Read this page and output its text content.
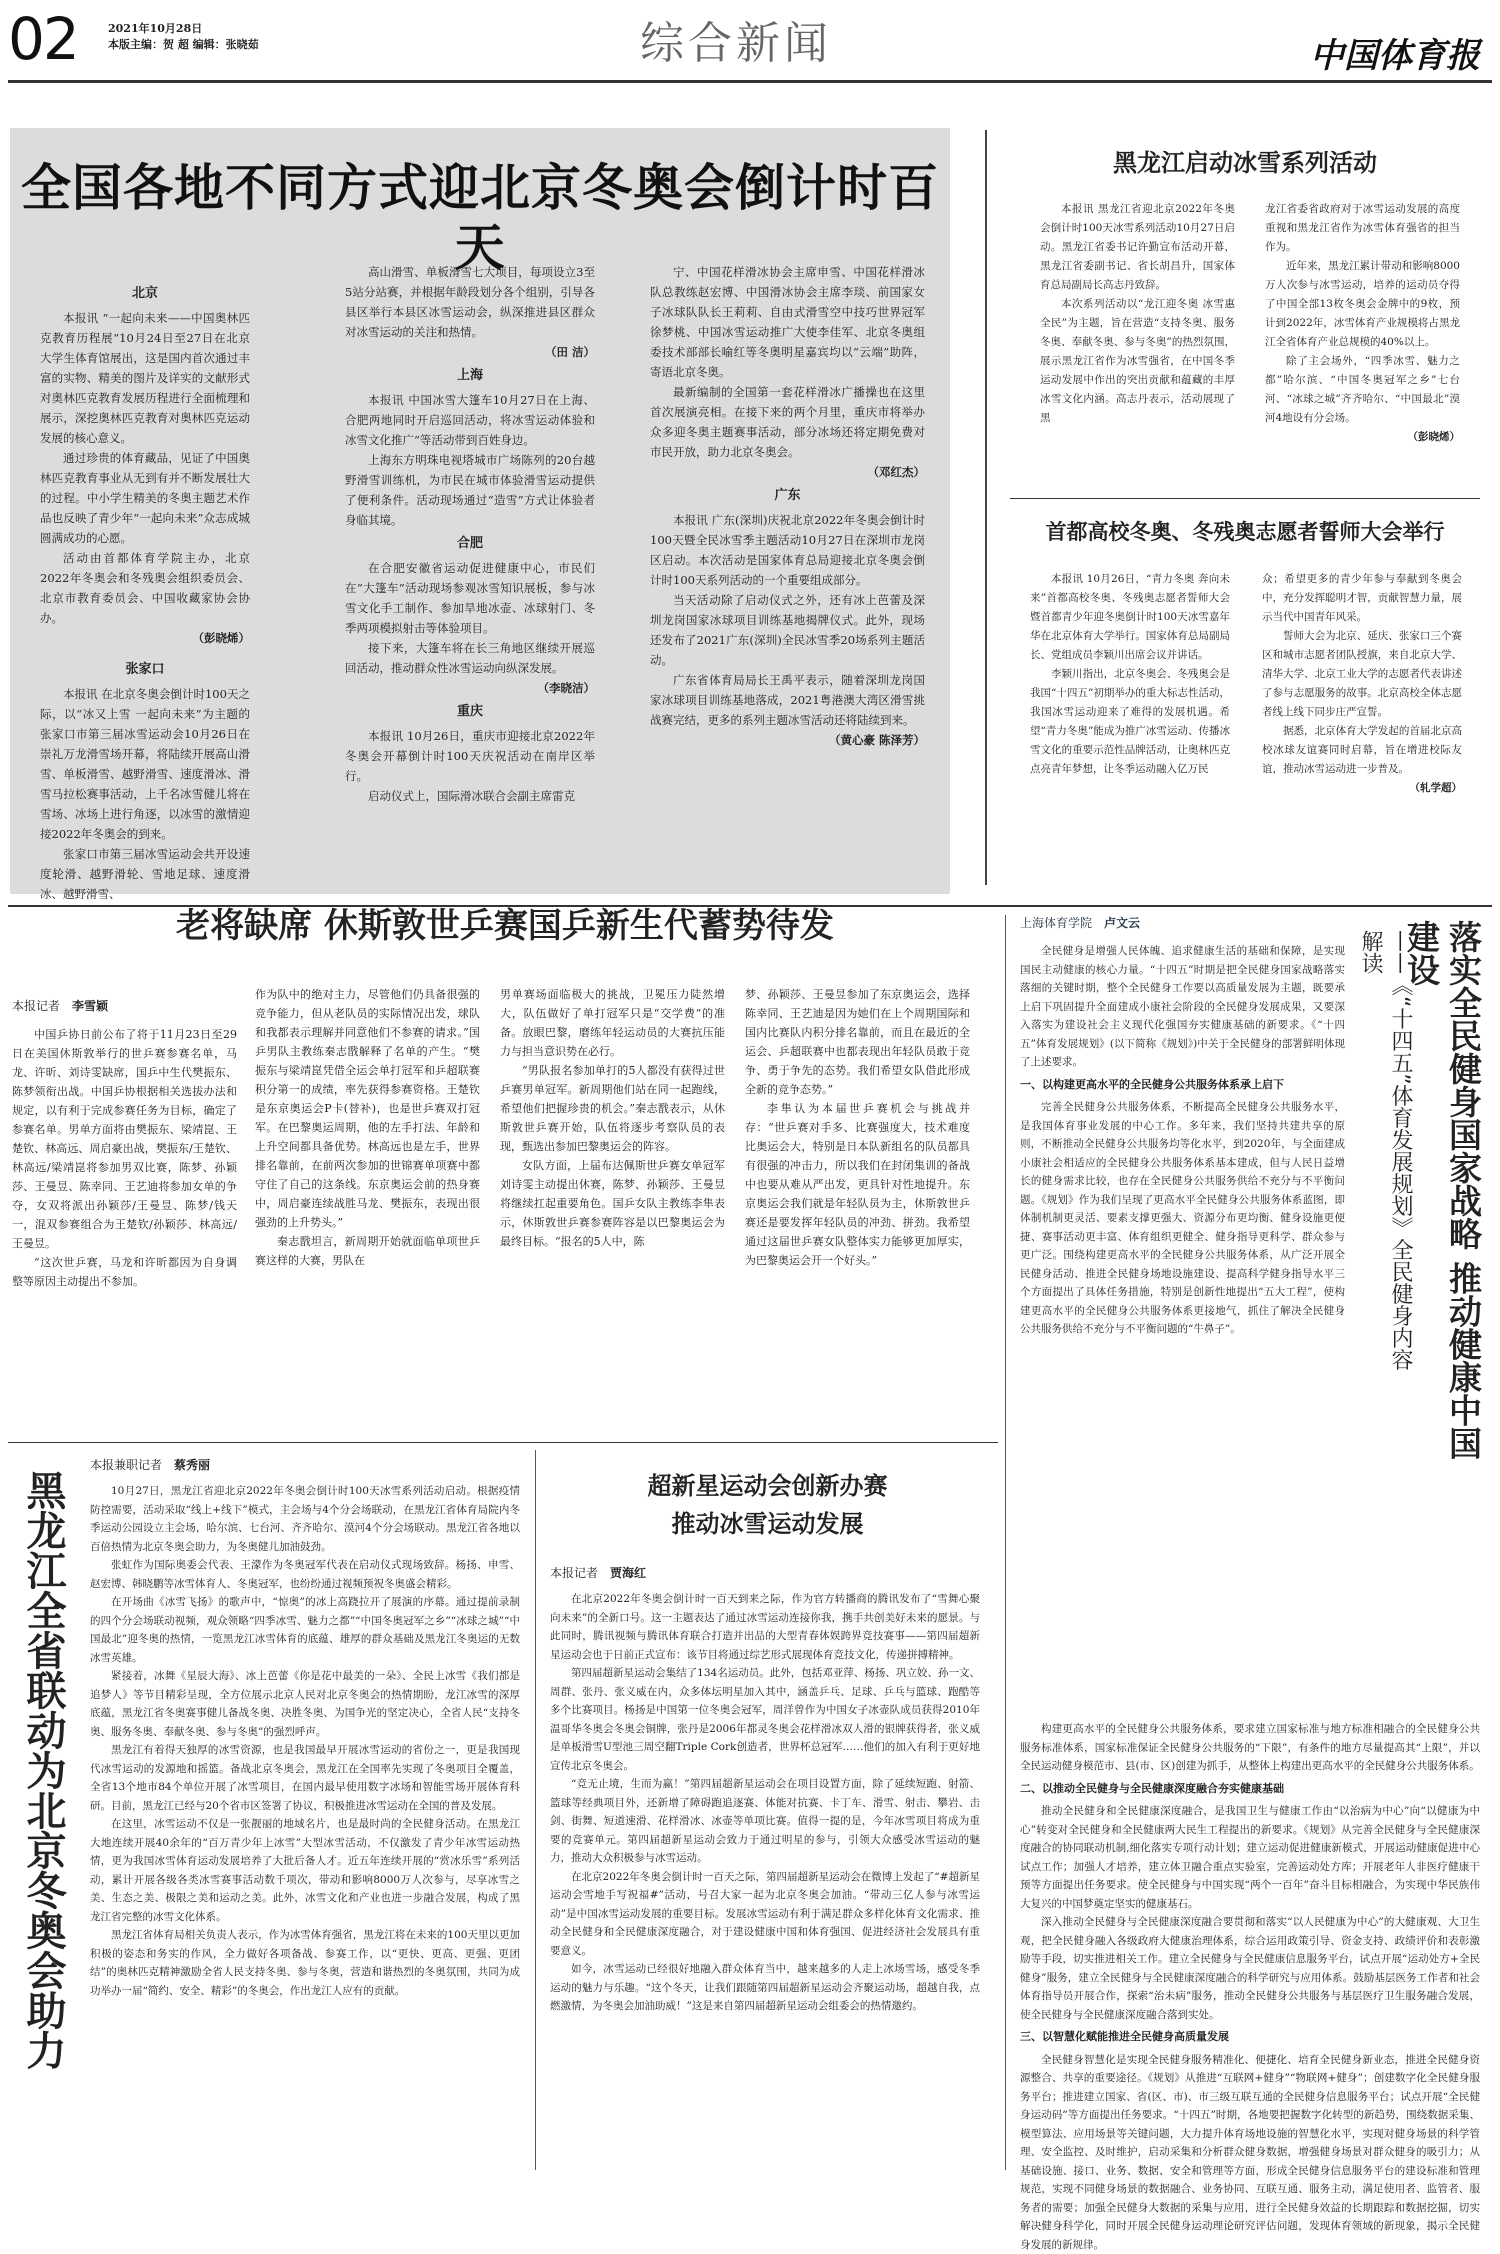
02	2021年10月28日
本版主编：贺 超 编辑：张晓茹	综合新闻	中国体育报
全国各地不同方式迎北京冬奥会倒计时百天
北京

本报讯 “一起向未来——中国奥林匹克教育历程展”10月24日至27日在北京大学生体育馆展出，这是国内首次通过丰富的实物、精美的图片及详实的文献形式对奥林匹克教育发展历程进行全面梳理和展示，深挖奥林匹克教育对奥林匹克运动发展的核心意义。

通过珍贵的体育藏品，见证了中国奥林匹克教育事业从无到有并不断发展壮大的过程。中小学生精美的冬奥主题艺术作品也反映了青少年“一起向未来”众志成城圆满成功的心愿。

活动由首都体育学院主办，北京2022年冬奥会和冬残奥会组织委员会、北京市教育委员会、中国收藏家协会协办。

（彭晓烯）
张家口

本报讯 在北京冬奥会倒计时100天之际，以“冰又上雪 一起向未来”为主题的张家口市第三届冰雪运动会10月26日在崇礼万龙滑雪场开幕，将陆续开展高山滑雪、单板滑雪、越野滑雪、速度滑冰、滑雪马拉松赛事活动，上千名冰雪健儿将在雪场、冰场上进行角逐，以冰雪的激情迎接2022年冬奥会的到来。

张家口市第三届冰雪运动会共开设速度轮滑、越野滑轮、雪地足球、速度滑冰、越野滑雪、

高山滑雪、单板滑雪七大项目，每项设立3至5站分站赛，并根据年龄段划分各个组别，引导各县区举行本县区冰雪运动会，纵深推进县区群众对冰雪运动的关注和热情。

（田 洁）
上海

本报讯 中国冰雪大篷车10月27日在上海、合肥两地同时开启巡回活动，将冰雪运动体验和冰雪文化推广“等活动带到百姓身边。

上海东方明珠电视塔城市广场陈列的20台越野滑雪训练机，为市民在城市体验滑雪运动提供了便利条件。活动现场通过“造雪”方式让体验者身临其境。

合肥

在合肥安徽省运动促进健康中心，市民们在“大篷车”活动现场参观冰雪知识展板，参与冰雪文化手工制作、参加旱地冰壶、冰球射门、冬季两项模拟射击等体验项目。

接下来，大篷车将在长三角地区继续开展巡回活动，推动群众性冰雪运动向纵深发展。

（李晓洁）
重庆

本报讯 10月26日，重庆市迎接北京2022年冬奥会开幕倒计时100天庆祝活动在南岸区举行。

启动仪式上，国际滑冰联合会副主席雷克

宁、中国花样滑冰协会主席申雪、中国花样滑冰队总教练赵宏博、中国滑冰协会主席李琰、前国家女子冰球队队长王莉莉、自由式滑雪空中技巧世界冠军徐梦桃、中国冰雪运动推广大使李佳军、北京冬奥组委技术部部长喻红等冬奥明星嘉宾均以“云端”助阵，寄语北京冬奥。

最新编制的全国第一套花样滑冰广播操也在这里首次展演亮相。在接下来的两个月里，重庆市将举办众多迎冬奥主题赛事活动，部分冰场还将定期免费对市民开放，助力北京冬奥会。

（邓红杰）
广东

本报讯 广东(深圳)庆祝北京2022年冬奥会倒计时100天暨全民冰雪季主题活动10月27日在深圳市龙岗区启动。本次活动是国家体育总局迎接北京冬奥会倒计时100天系列活动的一个重要组成部分。

当天活动除了启动仪式之外，还有冰上芭蕾及深圳龙岗国家冰球项目训练基地揭牌仪式。此外，现场还发布了2021广东(深圳)全民冰雪季20场系列主题活动。

广东省体育局局长王禹平表示，随着深圳龙岗国家冰球项目训练基地落成，2021粤港澳大湾区滑雪挑战赛完结，更多的系列主题冰雪活动还将陆续到来。

（黄心豪 陈泽芳）
黑龙江启动冰雪系列活动

本报讯 黑龙江省迎北京2022年冬奥会倒计时100天冰雪系列活动10月27日启动。黑龙江省委书记许勤宣布活动开幕，黑龙江省委副书记、省长胡昌升，国家体育总局副局长高志丹致辞。

本次系列活动以“龙江迎冬奥 冰雪惠全民”为主题，旨在营造“支持冬奥、服务冬奥、奉献冬奥、参与冬奥”的热烈氛围，展示黑龙江省作为冰雪强省，在中国冬季运动发展中作出的突出贡献和蕴藏的丰厚冰雪文化内涵。高志丹表示，活动展现了黑

龙江省委省政府对于冰雪运动发展的高度重视和黑龙江省作为冰雪体育强省的担当作为。

近年来，黑龙江累计带动和影响8000万人次参与冰雪运动，培养的运动员夺得了中国全部13枚冬奥会金牌中的9枚，预计到2022年，冰雪体育产业规模将占黑龙江全省体育产业总规模的40%以上。

除了主会场外，“四季冰雪、魅力之都”哈尔滨、“中国冬奥冠军之乡”七台河、“冰球之城”齐齐哈尔、“中国最北”漠河4地设有分会场。

（彭晓烯）
首都高校冬奥、冬残奥志愿者誓师大会举行

本报讯 10月26日，“青力冬奥 奔向未来”首都高校冬奥、冬残奥志愿者誓师大会暨首都青少年迎冬奥倒计时100天冰雪嘉年华在北京体育大学举行。国家体育总局副局长、党组成员李颖川出席会议并讲话。

李颖川指出，北京冬奥会、冬残奥会是我国“十四五”初期举办的重大标志性活动，我国冰雪运动迎来了难得的发展机遇。希望“青力冬奥”能成为推广冰雪运动、传播冰雪文化的重要示范性品牌活动，让奥林匹克点亮青年梦想，让冬季运动融入亿万民

众；希望更多的青少年参与奉献到冬奥会中，充分发挥聪明才智，贡献智慧力量，展示当代中国青年风采。

誓师大会为北京、延庆、张家口三个赛区和城市志愿者团队授旗，来自北京大学、清华大学、北京工业大学的志愿者代表讲述了参与志愿服务的故事。北京高校全体志愿者线上线下同步庄严宣誓。

据悉，北京体育大学发起的首届北京高校冰球友谊赛同时启幕，旨在增进校际友谊，推动冰雪运动进一步普及。

（轧学超）
老将缺席 休斯敦世乒赛国乒新生代蓄势待发
本报记者 李雪颖

中国乒协日前公布了将于11月23日至29日在美国休斯敦举行的世乒赛参赛名单，马龙、许昕、刘诗雯缺席，国乒中生代樊振东、陈梦领衔出战。中国乒协根据相关选拔办法和规定，以有利于完成参赛任务为目标，确定了参赛名单。男单方面将由樊振东、梁靖崑、王楚钦、林高远、周启豪出战，樊振东/王楚钦、林高远/梁靖崑将参加男双比赛，陈梦、孙颖莎、王曼昱、陈幸同、王艺迪将参加女单的争夺，女双将派出孙颖莎/王曼昱、陈梦/钱天一，混双参赛组合为王楚钦/孙颖莎、林高远/王曼昱。

“这次世乒赛，马龙和许昕都因为自身调整等原因主动提出不参加。

作为队中的绝对主力，尽管他们仍具备很强的竞争能力，但从老队员的实际情况出发，球队和我都表示理解并同意他们不参赛的请求。”国乒男队主教练秦志戬解释了名单的产生。“樊振东与梁靖崑凭借全运会单打冠军和乒超联赛积分第一的成绩，率先获得参赛资格。王楚钦是东京奥运会P卡(替补)，也是世乒赛双打冠军。在巴黎奥运周期，他的左手打法、年龄和上升空间都具备优势。林高远也是左手，世界排名靠前，在前两次参加的世锦赛单项赛中都守住了自己的这条线。东京奥运会前的热身赛中，周启豪连续战胜马龙、樊振东，表现出很强劲的上升势头。”

秦志戬坦言，新周期开始就面临单项世乒赛这样的大赛，男队在

男单赛场面临极大的挑战，卫冕压力陡然增大，队伍做好了单打冠军只是“交学费”的准备。放眼巴黎，磨练年轻运动员的大赛抗压能力与担当意识势在必行。

“男队报名参加单打的5人都没有获得过世乒赛男单冠军。新周期他们站在同一起跑线，希望他们把握珍贵的机会。”秦志戬表示，从休斯敦世乒赛开始，队伍将逐步考察队员的表现，甄选出参加巴黎奥运会的阵容。

女队方面，上届布达佩斯世乒赛女单冠军刘诗雯主动提出休赛，陈梦、孙颖莎、王曼昱将继续扛起重要角色。国乒女队主教练李隼表示，休斯敦世乒赛参赛阵容是以巴黎奥运会为最终目标。“报名的5人中，陈

梦、孙颖莎、王曼昱参加了东京奥运会，选择陈幸同、王艺迪是因为她们在上个周期国际和国内比赛队内积分排名靠前，而且在最近的全运会、乒超联赛中也都表现出年轻队员敢于竞争、勇于争先的态势。我们希望女队借此形成全新的竞争态势。”

李隼认为本届世乒赛机会与挑战并存：“世乒赛对手多、比赛强度大，技术难度比奥运会大，特别是日本队新组名的队员都具有很强的冲击力，所以我们在封闭集训的备战中也要从难从严出发，更具针对性地提升。东京奥运会我们就是年轻队员为主，休斯敦世乒赛还是要发挥年轻队员的冲劲、拼劲。我希望通过这届世乒赛女队整体实力能够更加厚实，为巴黎奥运会开一个好头。”

黑龙江全省联动为北京冬奥会助力
本报兼职记者 蔡秀丽

10月27日，黑龙江省迎北京2022年冬奥会倒计时100天冰雪系列活动启动。根据疫情防控需要，活动采取“线上+线下”模式，主会场与4个分会场联动，在黑龙江省体育局院内冬季运动公园设立主会场，哈尔滨、七台河、齐齐哈尔、漠河4个分会场联动。黑龙江省各地以百倍热情为北京冬奥会助力，为冬奥健儿加油鼓劲。

张虹作为国际奥委会代表、王濛作为冬奥冠军代表在启动仪式现场致辞。杨扬、申雪、赵宏博、韩晓鹏等冰雪体育人、冬奥冠军，也纷纷通过视频预祝冬奥盛会精彩。

在开场曲《冰雪飞扬》的歌声中，“惊奥”的冰上高跷拉开了展演的序幕。通过提前录制的四个分会场联动视频，观众领略“四季冰雪、魅力之都”“中国冬奥冠军之乡”“冰球之城”“中国最北”迎冬奥的热情，一览黑龙江冰雪体育的底蕴、雄厚的群众基础及黑龙江冬奥运的无数冰雪英雄。

紧接着，冰舞《星辰大海》、冰上芭蕾《你是花中最美的一朵》、全民上冰雪《我们都是追梦人》等节目精彩呈现，全方位展示北京人民对北京冬奥会的热情期盼，龙江冰雪的深厚底蕴，黑龙江省冬奥赛事健儿备战冬奥、决胜冬奥、为国争光的坚定决心，全省人民“支持冬奥、服务冬奥、奉献冬奥、参与冬奥”的强烈呼声。

黑龙江有着得天独厚的冰雪资源，也是我国最早开展冰雪运动的省份之一，更是我国现代冰雪运动的发源地和摇篮。备战北京冬奥会，黑龙江在全国率先实现了冬奥项目全覆盖，全省13个地市84个单位开展了冰雪项目，在国内最早使用数字冰场和智能雪场开展体育科研。目前，黑龙江已经与20个省市区签署了协议，积极推进冰雪运动在全国的普及发展。

在这里，冰雪运动不仅是一张靓丽的地域名片，也是最时尚的全民健身活动。在黑龙江大地连续开展40余年的“百万青少年上冰雪”大型冰雪活动，不仅激发了青少年冰雪运动热情，更为我国冰雪体育运动发展培养了大批后备人才。近五年连续开展的“赏冰乐雪”系列活动，累计开展各级各类冰雪赛事活动数千项次，带动和影响8000万人次参与，尽享冰雪之美、生态之美、极限之美和运动之美。此外，冰雪文化和产业也进一步融合发展，构成了黑龙江省完整的冰雪文化体系。

黑龙江省体育局相关负责人表示，作为冰雪体育强省，黑龙江将在未来的100天里以更加积极的姿态和务实的作风，全力做好各项备战、参赛工作，以“更快、更高、更强、更团结”的奥林匹克精神激励全省人民支持冬奥、参与冬奥，营造和谐热烈的冬奥氛围，共同为成功举办一届“简约、安全、精彩”的冬奥会，作出龙江人应有的贡献。

超新星运动会创新办赛
推动冰雪运动发展
本报记者 贾海红

在北京2022年冬奥会倒计时一百天到来之际，作为官方转播商的腾讯发布了“雪舞心聚向未来”的全新口号。这一主题表达了通过冰雪运动连接你我，携手共创美好未来的愿景。与此同时，腾讯视频与腾讯体育联合打造并出品的大型青春体娱跨界竞技赛事——第四届超新星运动会也于日前正式宣布：该节目将通过综艺形式展现体育竞技文化，传递拼搏精神。

第四届超新星运动会集结了134名运动员。此外，包括邓亚萍、杨扬、巩立姣、孙一文、周群、张丹、张义威在内，众多体坛明星加入其中，涵盖乒乓、足球、乒乓与篮球、跑酷等多个比赛项目。杨扬是中国第一位冬奥会冠军，周洋曾作为中国女子冰壶队成员获得2010年温哥华冬奥会冬奥会铜牌，张丹是2006年都灵冬奥会花样滑冰双人滑的银牌获得者，张义威是单板滑雪U型池三周空翻Triple Cork创造者，世界杯总冠军……他们的加入有利于更好地宣传北京冬奥会。

“竞无止境，生而为赢！”第四届超新星运动会在项目设置方面，除了延续短跑、射箭、篮球等经典项目外，还新增了障碍跑追逐赛、体能对抗赛、卡丁车、滑雪、射击、攀岩、击剑、街舞、短道速滑、花样滑冰、冰壶等单项比赛。值得一提的是，今年冰雪项目将成为重要的竞赛单元。第四届超新星运动会致力于通过明星的参与，引领大众感受冰雪运动的魅力，推动大众积极参与冰雪运动。

在北京2022年冬奥会倒计时一百天之际，第四届超新星运动会在微博上发起了“#超新星运动会雪地手写祝福#”活动，号召大家一起为北京冬奥会加油。“带动三亿人参与冰雪运动”是中国冰雪运动发展的重要目标。发展冰雪运动有利于满足群众多样化体育文化需求、推动全民健身和全民健康深度融合，对于建设健康中国和体育强国、促进经济社会发展具有重要意义。

如今，冰雪运动已经很好地融入群众体育当中，越来越多的人走上冰场雪场，感受冬季运动的魅力与乐趣。“这个冬天，让我们跟随第四届超新星运动会齐聚运动场，超越自我，点燃激情，为冬奥会加油助威！”这是来自第四届超新星运动会组委会的热情邀约。

上海体育学院 卢文云	落实全民健身国家战略 推动健康中国建设
——《“十四五”体育发展规划》全民健身内容解读

全民健身是增强人民体魄、追求健康生活的基础和保障，是实现国民主动健康的核心力量。“十四五”时期是把全民健身国家战略落实落细的关键时期，整个全民健身工作要以高质量发展为主题，既要承上启下巩固提升全面建成小康社会阶段的全民健身发展成果，又要深入落实为建设社会主义现代化强国夯实健康基础的新要求。《“十四五”体育发展规划》(以下简称《规划》)中关于全民健身的部署鲜明体现了上述要求。

一、以构建更高水平的全民健身公共服务体系承上启下

完善全民健身公共服务体系，不断提高全民健身公共服务水平，是我国体育事业发展的中心工作。多年来，我们坚持共建共享的原则，不断推动全民健身公共服务均等化水平，到2020年，与全面建成小康社会相适应的全民健身公共服务体系基本建成，但与人民日益增长的健身需求比较，也存在全民健身公共服务供给不充分与不平衡问题。《规划》作为我们呈现了更高水平全民健身公共服务体系蓝图，即体制机制更灵活、要素支撑更强大、资源分布更均衡、健身设施更便捷、赛事活动更丰富、体育组织更健全、健身指导更科学、群众参与更广泛。围绕构建更高水平的全民健身公共服务体系，从广泛开展全民健身活动、推进全民健身场地设施建设、提高科学健身指导水平三个方面提出了具体任务措施，特别是创新性地提出“五大工程”，使构建更高水平的全民健身公共服务体系更接地气，抓住了解决全民健身公共服务供给不充分与不平衡问题的“牛鼻子”。

构建更高水平的全民健身公共服务体系，要求建立国家标准与地方标准相融合的全民健身公共服务标准体系，国家标准保证全民健身公共服务的“下限”，有条件的地方尽量提高其“上限”，并以全民运动健身模范市、县(市、区)创建为抓手，从整体上构建出更高水平的全民健身公共服务体系。

二、以推动全民健身与全民健康深度融合夯实健康基础

推动全民健身和全民健康深度融合，是我国卫生与健康工作由“以治病为中心”向“以健康为中心”转变对全民健身和全民健康两大民生工程提出的新要求。《规划》从完善全民健身与全民健康深度融合的协同联动机制,细化落实专项行动计划；建立运动促进健康新模式，开展运动健康促进中心试点工作；加强人才培养，建立体卫融合重点实验室，完善运动处方库；开展老年人非医疗健康干预等方面提出任务要求。使全民健身与中国实现“两个一百年”奋斗目标相融合，为实现中华民族伟大复兴的中国梦奠定坚实的健康基石。

深入推动全民健身与全民健康深度融合要贯彻和落实“以人民健康为中心”的大健康观、大卫生观，把全民健身融入各级政府大健康治理体系，综合运用政策引导、资金支持、政绩评价和表彰激励等手段，切实推进相关工作。建立全民健身与全民健康信息服务平台，试点开展“运动处方+全民健身”服务，建立全民健身与全民健康深度融合的科学研究与应用体系。鼓励基层医务工作者和社会体育指导员开展合作，探索“治未病”服务，推动全民健身公共服务与基层医疗卫生服务融合发展，使全民健身与全民健康深度融合落到实处。

三、以智慧化赋能推进全民健身高质量发展

全民健身智慧化是实现全民健身服务精准化、便捷化、培育全民健身新业态，推进全民健身资源整合、共享的重要途径。《规划》从推进“互联网+健身”“物联网+健身”；创建数字化全民健身服务平台；推进建立国家、省(区、市)、市三级互联互通的全民健身信息服务平台；试点开展“全民健身运动码”等方面提出任务要求。“十四五”时期，各地要把握数字化转型的新趋势，围绕数据采集、模型算法、应用场景等关键问题，大力提升体育场地设施的智慧化水平，实现对健身场景的科学管理、安全监控、及时维护，启动采集和分析群众健身数据，增强健身场景对群众健身的吸引力；从基础设施、接口、业务、数据、安全和管理等方面，形成全民健身信息服务平台的建设标准和管理规范，实现不同健身场景的数据融合、业务协同、互联互通、服务主动，满足使用者、监管者、服务者的需要；加强全民健身大数据的采集与应用，进行全民健身效益的长期跟踪和数据挖掘，切实解决健身科学化，同时开展全民健身运动理论研究评估问题，发现体育领域的新现象，揭示全民健身发展的新规律。
